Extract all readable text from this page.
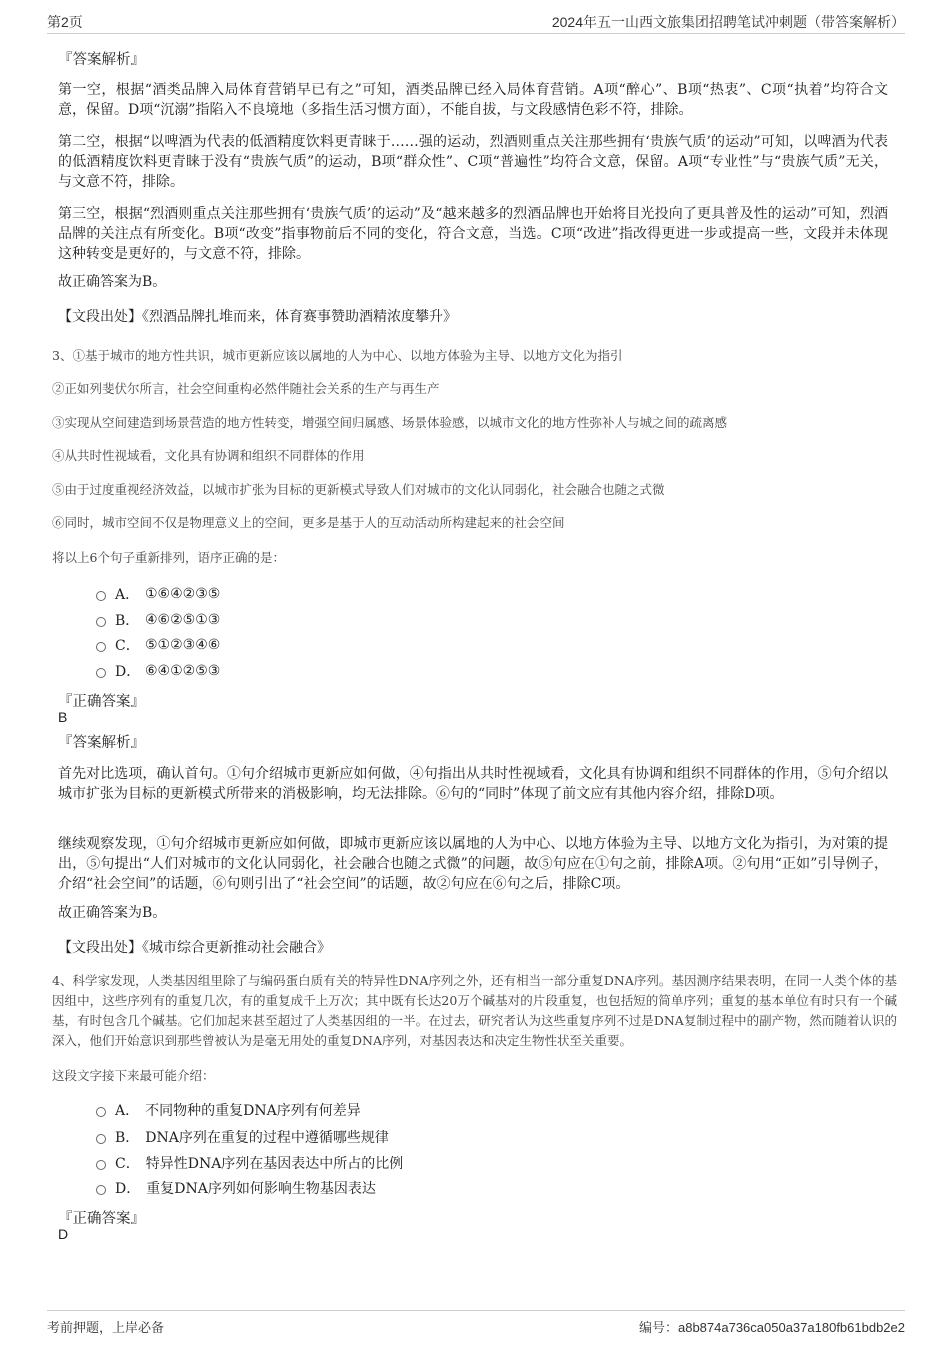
第2页	2024年五一山西文旅集团招聘笔试冲刺题（带答案解析）
『答案解析』
第一空，根据“酒类品牌入局体育营销早已有之”可知，酒类品牌已经入局体育营销。A项“醉心”、B项“热衷”、C项“执着”均符合文意，保留。D项“沉溺”指陷入不良境地（多指生活习惯方面），不能自拔，与文段感情色彩不符，排除。
第二空，根据“以啤酒为代表的低酒精度饮料更青睐于……强的运动，烈酒则重点关注那些拥有‘贵族气质’的运动”可知，以啤酒为代表的低酒精度饮料更青睐于没有“贵族气质”的运动，B项“群众性”、C项“普遍性”均符合文意，保留。A项“专业性”与“贵族气质”无关，与文意不符，排除。
第三空，根据“烈酒则重点关注那些拥有‘贵族气质’的运动”及“越来越多的烈酒品牌也开始将目光投向了更具普及性的运动”可知，烈酒品牌的关注点有所变化。B项“改变”指事物前后不同的变化，符合文意，当选。C项“改进”指改得更进一步或提高一些，文段并未体现这种转变是更好的，与文意不符，排除。
故正确答案为B。
【文段出处】《烈酒品牌扎堆而来，体育赛事赞助酒精浓度攀升》
3、①基于城市的地方性共识，城市更新应该以属地的人为中心、以地方体验为主导、以地方文化为指引
②正如列斐伏尔所言，社会空间重构必然伴随社会关系的生产与再生产
③实现从空间建造到场景营造的地方性转变，增强空间归属感、场景体验感，以城市文化的地方性弥补人与城之间的疏离感
④从共时性视域看，文化具有协调和组织不同群体的作用
⑤由于过度重视经济效益，以城市扩张为目标的更新模式导致人们对城市的文化认同弱化，社会融合也随之式微
⑥同时，城市空间不仅是物理意义上的空间，更多是基于人的互动活动所构建起来的社会空间
将以上6个句子重新排列，语序正确的是：
A． ①⑥④②③⑤
B． ④⑥②⑤①③
C． ⑤①②③④⑥
D． ⑥④①②⑤③
『正确答案』
B
『答案解析』
首先对比选项，确认首句。①句介绍城市更新应如何做，④句指出从共时性视域看，文化具有协调和组织不同群体的作用，⑤句介绍以城市扩张为目标的更新模式所带来的消极影响，均无法排除。⑥句的“同时”体现了前文应有其他内容介绍，排除D项。
继续观察发现，①句介绍城市更新应如何做，即城市更新应该以属地的人为中心、以地方体验为主导、以地方文化为指引，为对策的提出，⑤句提出“人们对城市的文化认同弱化，社会融合也随之式微”的问题，故⑤句应在①句之前，排除A项。②句用“正如”引导例子，介绍“社会空间”的话题，⑥句则引出了“社会空间”的话题，故②句应在⑥句之后，排除C项。
故正确答案为B。
【文段出处】《城市综合更新推动社会融合》
4、科学家发现，人类基因组里除了与编码蛋白质有关的特异性DNA序列之外，还有相当一部分重复DNA序列。基因测序结果表明，在同一人类个体的基因组中，这些序列有的重复几次，有的重复成千上万次；其中既有长达20万个碱基对的片段重复，也包括短的简单序列；重复的基本单位有时只有一个碱基，有时包含几个碱基。它们加起来甚至超过了人类基因组的一半。在过去，研究者认为这些重复序列不过是DNA复制过程中的副产物，然而随着认识的深入，他们开始意识到那些曾被认为是毫无用处的重复DNA序列，对基因表达和决定生物性状至关重要。
这段文字接下来最可能介绍：
A． 不同物种的重复DNA序列有何差异
B． DNA序列在重复的过程中遵循哪些规律
C． 特异性DNA序列在基因表达中所占的比例
D． 重复DNA序列如何影响生物基因表达
『正确答案』
D
考前押题，上岸必备	编号：a8b874a736ca050a37a180fb61bdb2e2
